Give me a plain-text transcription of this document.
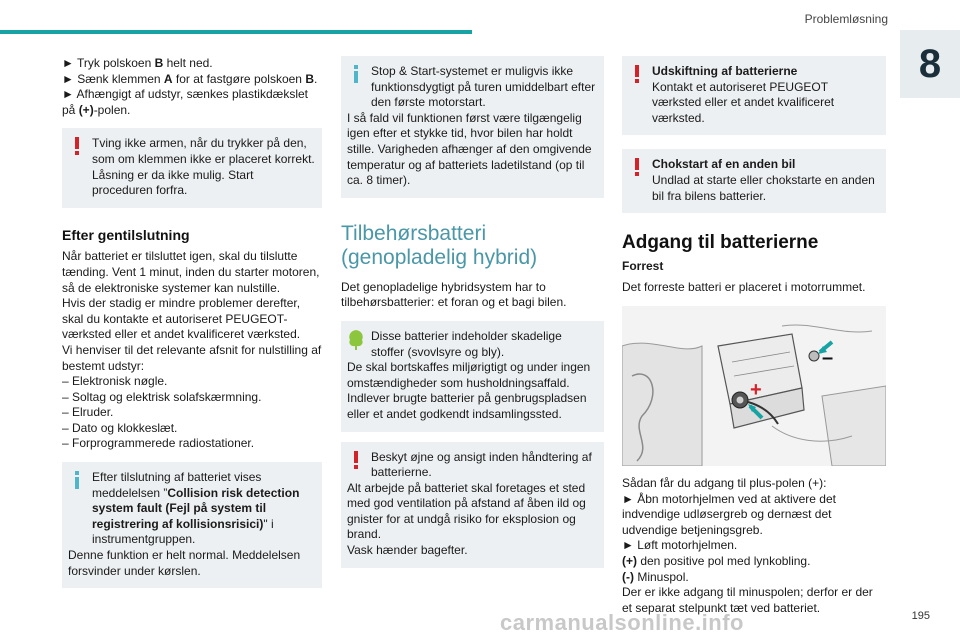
Problemløsning
8

► Tryk polskoen B helt ned.

► Sænk klemmen A for at fastgøre polskoen B.

► Afhængigt af udstyr, sænkes plastikdækslet på (+)-polen.

Tving ikke armen, når du trykker på den, som om klemmen ikke er placeret korrekt. Låsning er da ikke mulig. Start proceduren forfra.

Efter gentilslutning

Når batteriet er tilsluttet igen, skal du tilslutte tænding. Vent 1 minut, inden du starter motoren, så de elektroniske systemer kan nulstille.

Hvis der stadig er mindre problemer derefter, skal du kontakte et autoriseret PEUGEOT-værksted eller et andet kvalificeret værksted.

Vi henviser til det relevante afsnit for nulstilling af bestemt udstyr:

– Elektronisk nøgle.

– Soltag og elektrisk solafskærmning.

– Elruder.

– Dato og klokkeslæt.

– Forprogrammerede radiostationer.

Efter tilslutning af batteriet vises meddelelsen ”Collision risk detection system fault (Fejl på system til registrering af kollisionsrisici)" i instrumentgruppen.

Denne funktion er helt normal. Meddelelsen forsvinder under kørslen.

Stop & Start-systemet er muligvis ikke funktionsdygtigt på turen umiddelbart efter den første motorstart.

I så fald vil funktionen først være tilgængelig igen efter et stykke tid, hvor bilen har holdt stille. Varigheden afhænger af den omgivende temperatur og af batteriets ladetilstand (op til ca. 8 timer).

Tilbehørsbatteri
(genopladelig hybrid)

Det genopladelige hybridsystem har to tilbehørsbatterier: et foran og et bagi bilen.

Disse batterier indeholder skadelige stoffer (svovlsyre og bly).

De skal bortskaffes miljørigtigt og under ingen omstændigheder som husholdningsaffald.

Indlever brugte batterier på genbrugspladsen eller et andet godkendt indsamlingssted.

Beskyt øjne og ansigt inden håndtering af batterierne.

Alt arbejde på batteriet skal foretages et sted med god ventilation på afstand af åben ild og gnister for at undgå risiko for eksplosion og brand.

Vask hænder bagefter.

Udskiftning af batterierne

Kontakt et autoriseret PEUGEOT værksted eller et andet kvalificeret værksted.

Chokstart af en anden bil

Undlad at starte eller chokstarte en anden bil fra bilens batterier.

Adgang til batterierne
Forrest

Det forreste batteri er placeret i motorrummet.

+
–

Sådan får du adgang til plus-polen (+):

► Åbn motorhjelmen ved at aktivere det indvendige udløsergreb og dernæst det udvendige betjeningsgreb.

► Løft motorhjelmen.

(+) den positive pol med lynkobling.

(-) Minuspol.

Der er ikke adgang til minuspolen; derfor er der et separat stelpunkt tæt ved batteriet.

carmanualsonline.info	195
